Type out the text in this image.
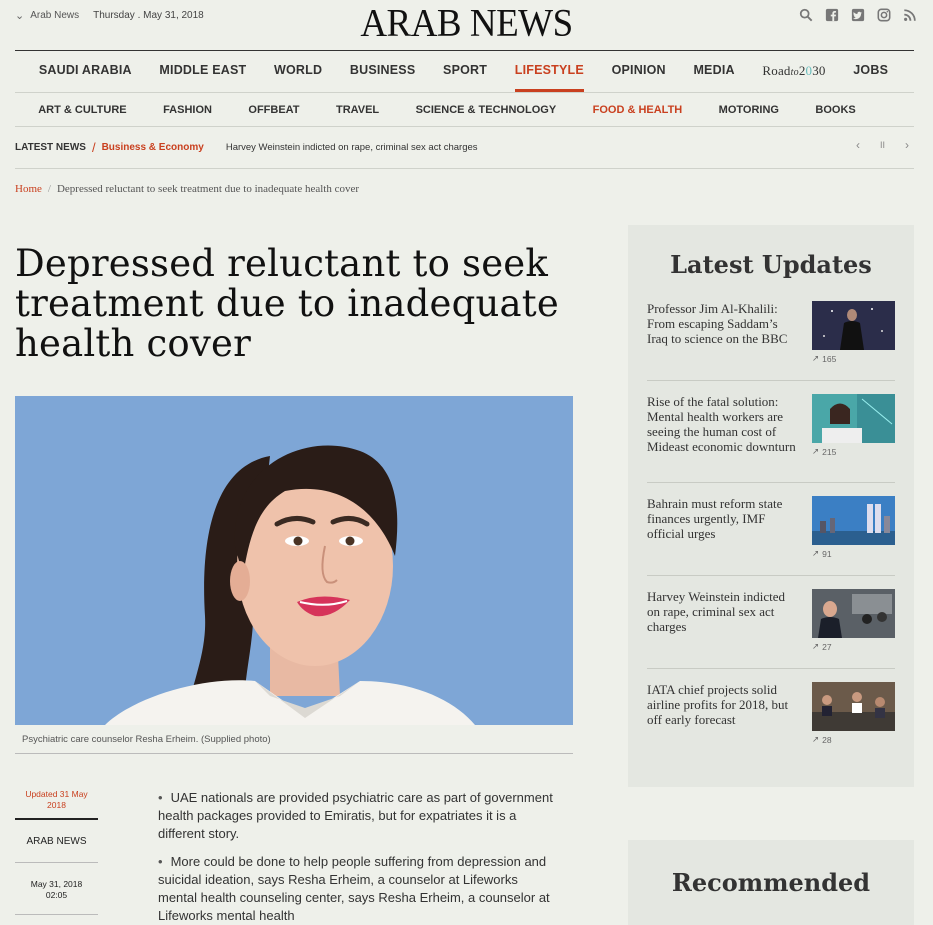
⌄ Arab News Thursday . May 31, 2018	ARAB NEWS
SAUDI ARABIA MIDDLE EAST WORLD BUSINESS SPORT LIFESTYLE OPINION MEDIA Roadto2030 JOBS
ART & CULTURE	FASHION	OFFBEAT	TRAVEL	SCIENCE & TECHNOLOGY	FOOD & HEALTH	MOTORING	BOOKS
LATEST NEWS / Business & Economy Harvey Weinstein indicted on rape, criminal sex act charges	‹ II ›
Home / Depressed reluctant to seek treatment due to inadequate health cover
Depressed reluctant to seek treatment due to inadequate health cover
Psychiatric care counselor Resha Erheim. (Supplied photo)
Updated 31 May 2018
ARAB NEWS
May 31, 2018
02:05
• UAE nationals are provided psychiatric care as part of government health packages provided to Emiratis, but for expatriates it is a different story.
• More could be done to help people suffering from depression and suicidal ideation, says Resha Erheim, a counselor at Lifeworks mental health counseling center, says Resha Erheim, a counselor at Lifeworks mental health
Latest Updates
Professor Jim Al-Khalili: From escaping Saddam’s Iraq to science on the BBC
↗ 165
Rise of the fatal solution: Mental health workers are seeing the human cost of Mideast economic downturn	↗ 215
Bahrain must reform state finances urgently, IMF official urges
↗ 91
Harvey Weinstein indicted on rape, criminal sex act charges
↗ 27
IATA chief projects solid airline profits for 2018, but off early forecast
↗ 28
Recommended
